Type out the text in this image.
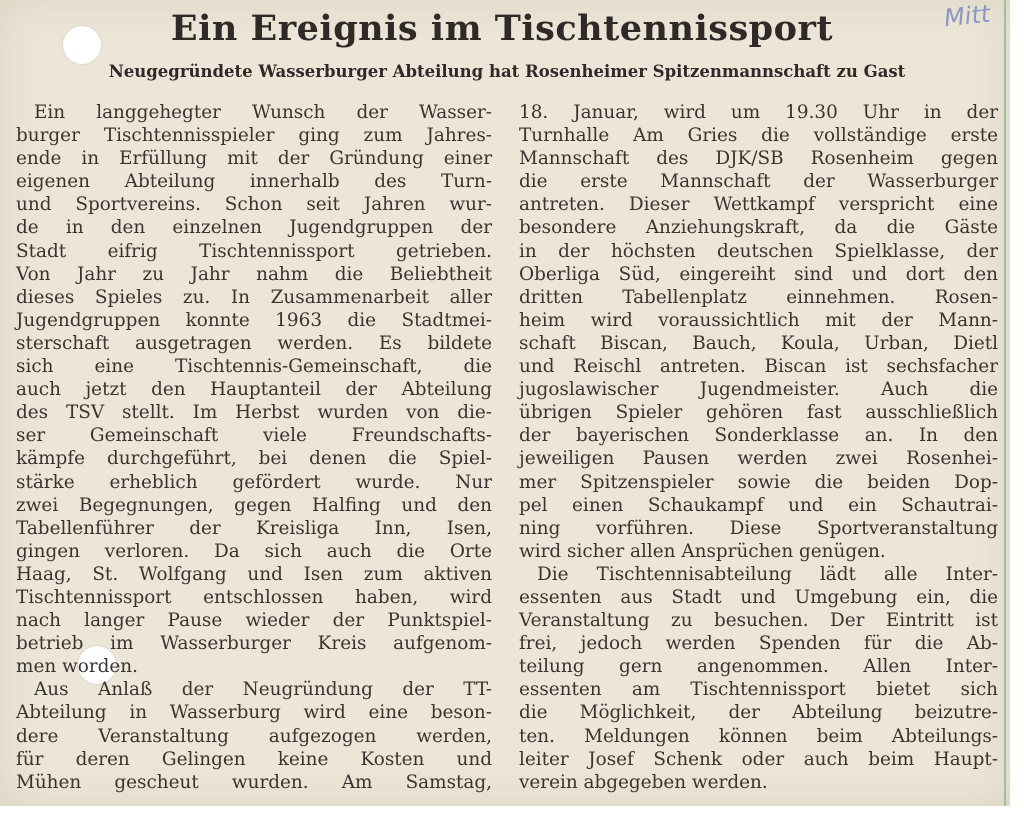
Ein Ereignis im Tischtennissport	Mitt
Neugegründete Wasserburger Abteilung hat Rosenheimer Spitzenmannschaft zu Gast
Ein langgehegter Wunsch der Wasser-
burger Tischtennisspieler ging zum Jahres-
ende in Erfüllung mit der Gründung einer
eigenen Abteilung innerhalb des Turn-
und Sportvereins. Schon seit Jahren wur-
de in den einzelnen Jugendgruppen der
Stadt eifrig Tischtennissport getrieben.
Von Jahr zu Jahr nahm die Beliebtheit
dieses Spieles zu. In Zusammenarbeit aller
Jugendgruppen konnte 1963 die Stadtmei-
sterschaft ausgetragen werden. Es bildete
sich eine Tischtennis-Gemeinschaft, die
auch jetzt den Hauptanteil der Abteilung
des TSV stellt. Im Herbst wurden von die-
ser Gemeinschaft viele Freundschafts-
kämpfe durchgeführt, bei denen die Spiel-
stärke erheblich gefördert wurde. Nur
zwei Begegnungen, gegen Halfing und den
Tabellenführer der Kreisliga Inn, Isen,
gingen verloren. Da sich auch die Orte
Haag, St. Wolfgang und Isen zum aktiven
Tischtennissport entschlossen haben, wird
nach langer Pause wieder der Punktspiel-
betrieb im Wasserburger Kreis aufgenom-
men worden.
Aus Anlaß der Neugründung der TT-
Abteilung in Wasserburg wird eine beson-
dere Veranstaltung aufgezogen werden,
für deren Gelingen keine Kosten und
Mühen gescheut wurden. Am Samstag,
18. Januar, wird um 19.30 Uhr in der
Turnhalle Am Gries die vollständige erste
Mannschaft des DJK/SB Rosenheim gegen
die erste Mannschaft der Wasserburger
antreten. Dieser Wettkampf verspricht eine
besondere Anziehungskraft, da die Gäste
in der höchsten deutschen Spielklasse, der
Oberliga Süd, eingereiht sind und dort den
dritten Tabellenplatz einnehmen. Rosen-
heim wird voraussichtlich mit der Mann-
schaft Biscan, Bauch, Koula, Urban, Dietl
und Reischl antreten. Biscan ist sechsfacher
jugoslawischer Jugendmeister. Auch die
übrigen Spieler gehören fast ausschließlich
der bayerischen Sonderklasse an. In den
jeweiligen Pausen werden zwei Rosenhei-
mer Spitzenspieler sowie die beiden Dop-
pel einen Schaukampf und ein Schautrai-
ning vorführen. Diese Sportveranstaltung
wird sicher allen Ansprüchen genügen.
Die Tischtennisabteilung lädt alle Inter-
essenten aus Stadt und Umgebung ein, die
Veranstaltung zu besuchen. Der Eintritt ist
frei, jedoch werden Spenden für die Ab-
teilung gern angenommen. Allen Inter-
essenten am Tischtennissport bietet sich
die Möglichkeit, der Abteilung beizutre-
ten. Meldungen können beim Abteilungs-
leiter Josef Schenk oder auch beim Haupt-
verein abgegeben werden.
